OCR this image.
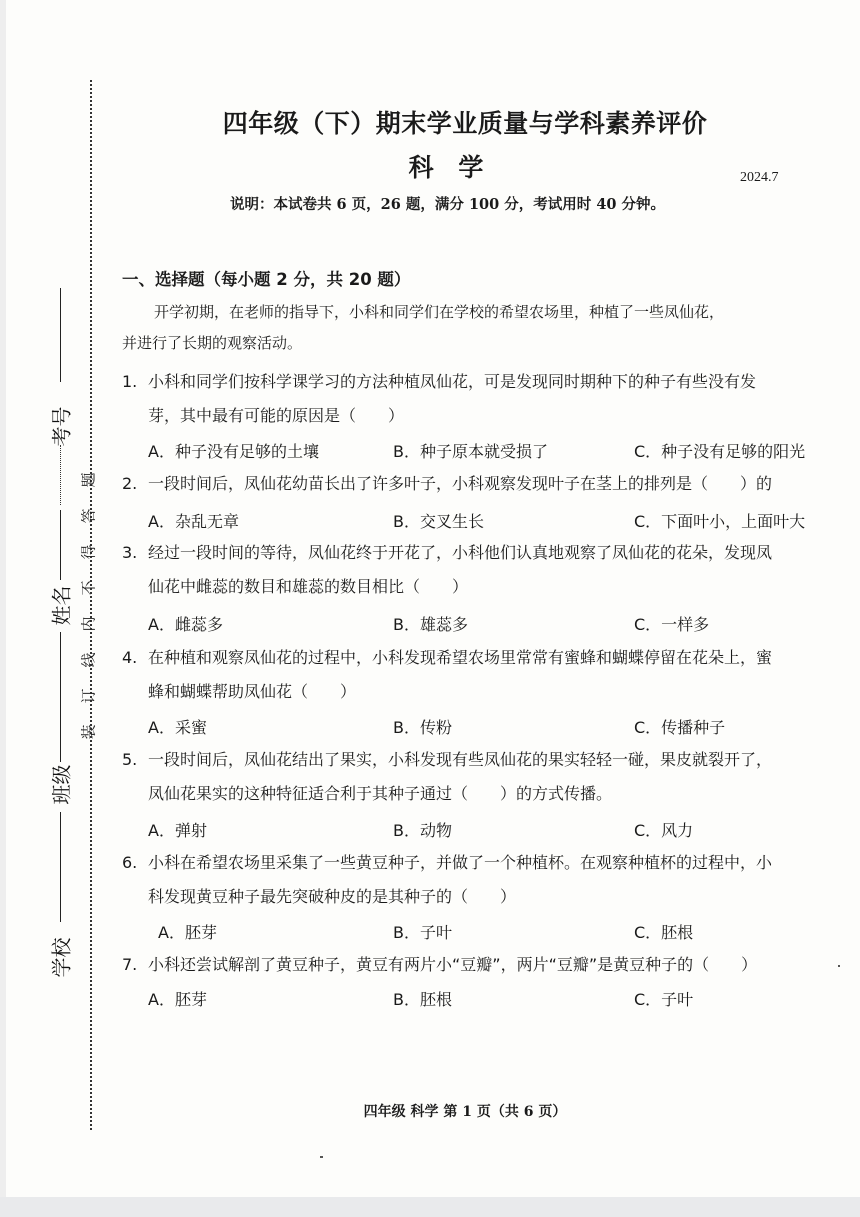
考号
姓名
班级
学校
题
答
得
不
内
线
订
装
四年级（下）期末学业质量与学科素养评价
科 学	2024.7
说明：本试卷共 6 页，26 题，满分 100 分，考试用时 40 分钟。
一、选择题（每小题 2 分，共 20 题）
开学初期，在老师的指导下，小科和同学们在学校的希望农场里，种植了一些凤仙花，
并进行了长期的观察活动。
1. 小科和同学们按科学课学习的方法种植凤仙花，可是发现同时期种下的种子有些没有发
芽，其中最有可能的原因是（　　）
A．种子没有足够的土壤	B．种子原本就受损了	C．种子没有足够的阳光
2. 一段时间后，凤仙花幼苗长出了许多叶子，小科观察发现叶子在茎上的排列是（　　）的
A．杂乱无章	B．交叉生长	C．下面叶小，上面叶大
3. 经过一段时间的等待，凤仙花终于开花了，小科他们认真地观察了凤仙花的花朵，发现凤
仙花中雌蕊的数目和雄蕊的数目相比（　　）
A．雌蕊多	B．雄蕊多	C．一样多
4. 在种植和观察凤仙花的过程中，小科发现希望农场里常常有蜜蜂和蝴蝶停留在花朵上，蜜
蜂和蝴蝶帮助凤仙花（　　）
A．采蜜	B．传粉	C．传播种子
5. 一段时间后，凤仙花结出了果实，小科发现有些凤仙花的果实轻轻一碰，果皮就裂开了，
凤仙花果实的这种特征适合利于其种子通过（　　）的方式传播。
A．弹射	B．动物	C．风力
6. 小科在希望农场里采集了一些黄豆种子，并做了一个种植杯。在观察种植杯的过程中，小
科发现黄豆种子最先突破种皮的是其种子的（　　）
A．胚芽	B．子叶	C．胚根
7. 小科还尝试解剖了黄豆种子，黄豆有两片小“豆瓣”，两片“豆瓣”是黄豆种子的（　　）
A．胚芽	B．胚根	C．子叶
四年级 科学 第 1 页（共 6 页）
